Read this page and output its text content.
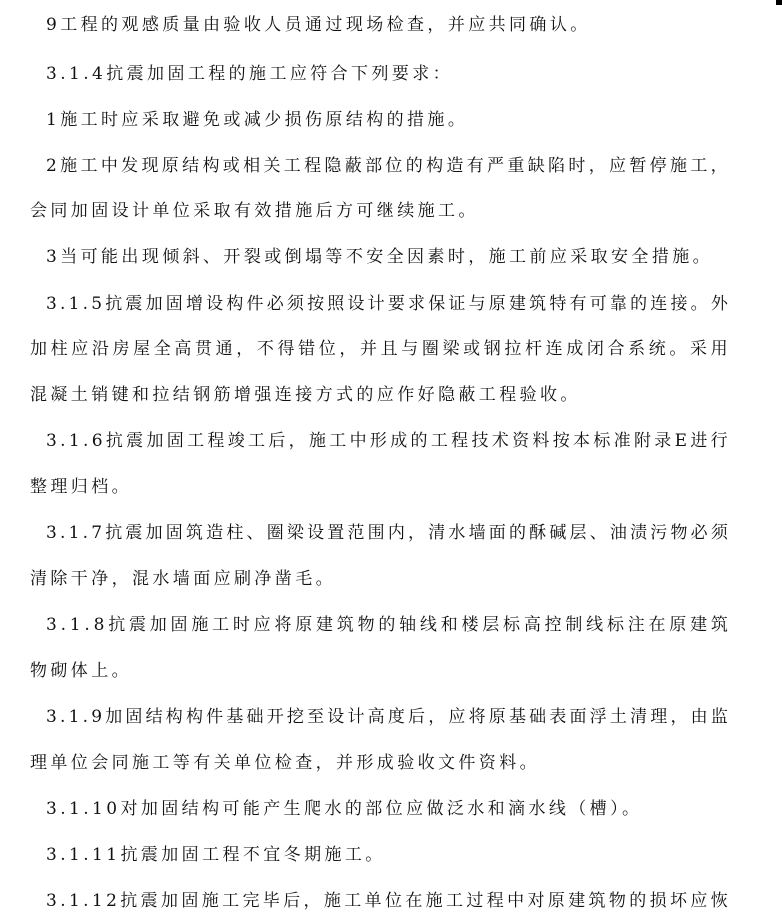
9工程的观感质量由验收人员通过现场检查，并应共同确认。
3.1.4抗震加固工程的施工应符合下列要求：
1施工时应采取避免或减少损伤原结构的措施。
2 施 工 中 发 现 原 结 构 或 相 关 工 程 隐 蔽 部 位 的 构 造 有 严 重 缺 陷 时 ， 应 暂 停 施 工 ，
会同加固设计单位采取有效措施后方可继续施工。
3当可能出现倾斜、开裂或倒塌等不安全因素时，施工前应采取安全措施。
3 . 1 . 5 抗 震 加 固 增 设 构 件 必 须 按 照 设 计 要 求 保 证 与 原 建 筑 特 有 可 靠 的 连 接 。 外
加 柱 应 沿 房 屋 全 高 贯 通 ， 不 得 错 位 ， 并 且 与 圈 梁 或 钢 拉 杆 连 成 闭 合 系 统 。 采 用
混凝土销键和拉结钢筋增强连接方式的应作好隐蔽工程验收。
3 . 1 . 6 抗 震 加 固 工 程 竣 工 后 ， 施 工 中 形 成 的 工 程 技 术 资 料 按 本 标 准 附 录 E 进 行
整理归档。
3 . 1 . 7 抗 震 加 固 筑 造 柱 、 圈 梁 设 置 范 围 内 ， 清 水 墙 面 的 酥 碱 层 、 油 渍 污 物 必 须
清除干净，混水墙面应刷净凿毛。
3 . 1 . 8 抗 震 加 固 施 工 时 应 将 原 建 筑 物 的 轴 线 和 楼 层 标 高 控 制 线 标 注 在 原 建 筑
物砌体上。
3 . 1 . 9 加 固 结 构 构 件 基 础 开 挖 至 设 计 高 度 后 ， 应 将 原 基 础 表 面 浮 土 清 理 ， 由 监
理单位会同施工等有关单位检查，并形成验收文件资料。
3.1.10对加固结构可能产生爬水的部位应做泛水和滴水线（槽）。
3.1.11抗震加固工程不宜冬期施工。
3 . 1 . 1 2 抗 震 加 固 施 工 完 毕 后 ， 施 工 单 位 在 施 工 过 程 中 对 原 建 筑 物 的 损 坏 应 恢
